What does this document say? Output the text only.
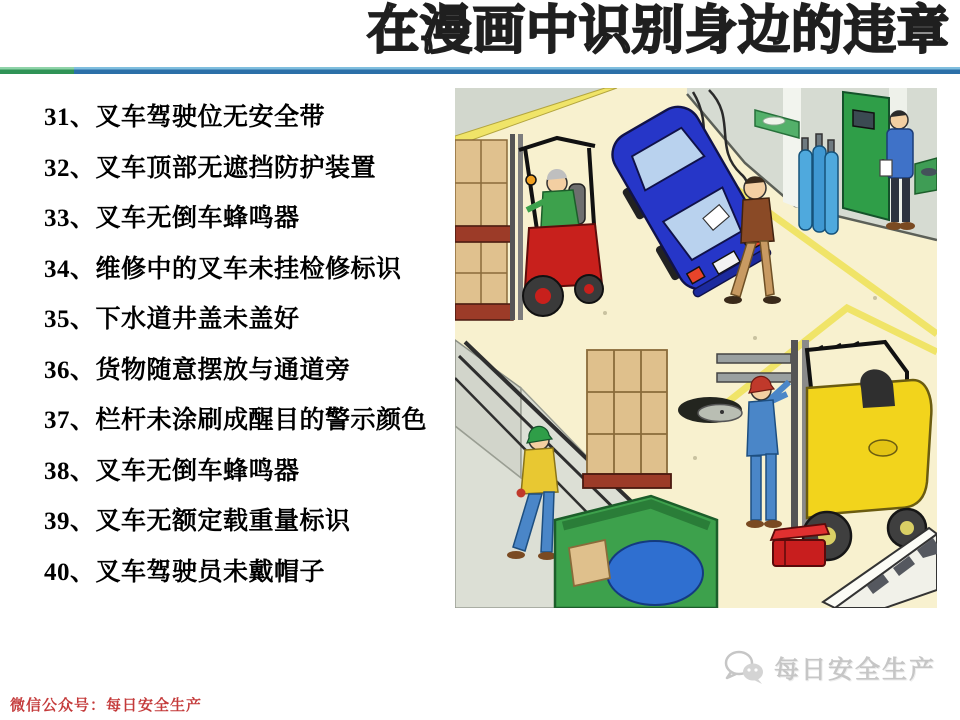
在漫画中识别身边的违章
31、叉车驾驶位无安全带
32、叉车顶部无遮挡防护装置
33、叉车无倒车蜂鸣器
34、维修中的叉车未挂检修标识
35、下水道井盖未盖好
36、货物随意摆放与通道旁
37、栏杆未涂刷成醒目的警示颜色
38、叉车无倒车蜂鸣器
39、叉车无额定载重量标识
40、叉车驾驶员未戴帽子
微信公众号：每日安全生产
每日安全生产
